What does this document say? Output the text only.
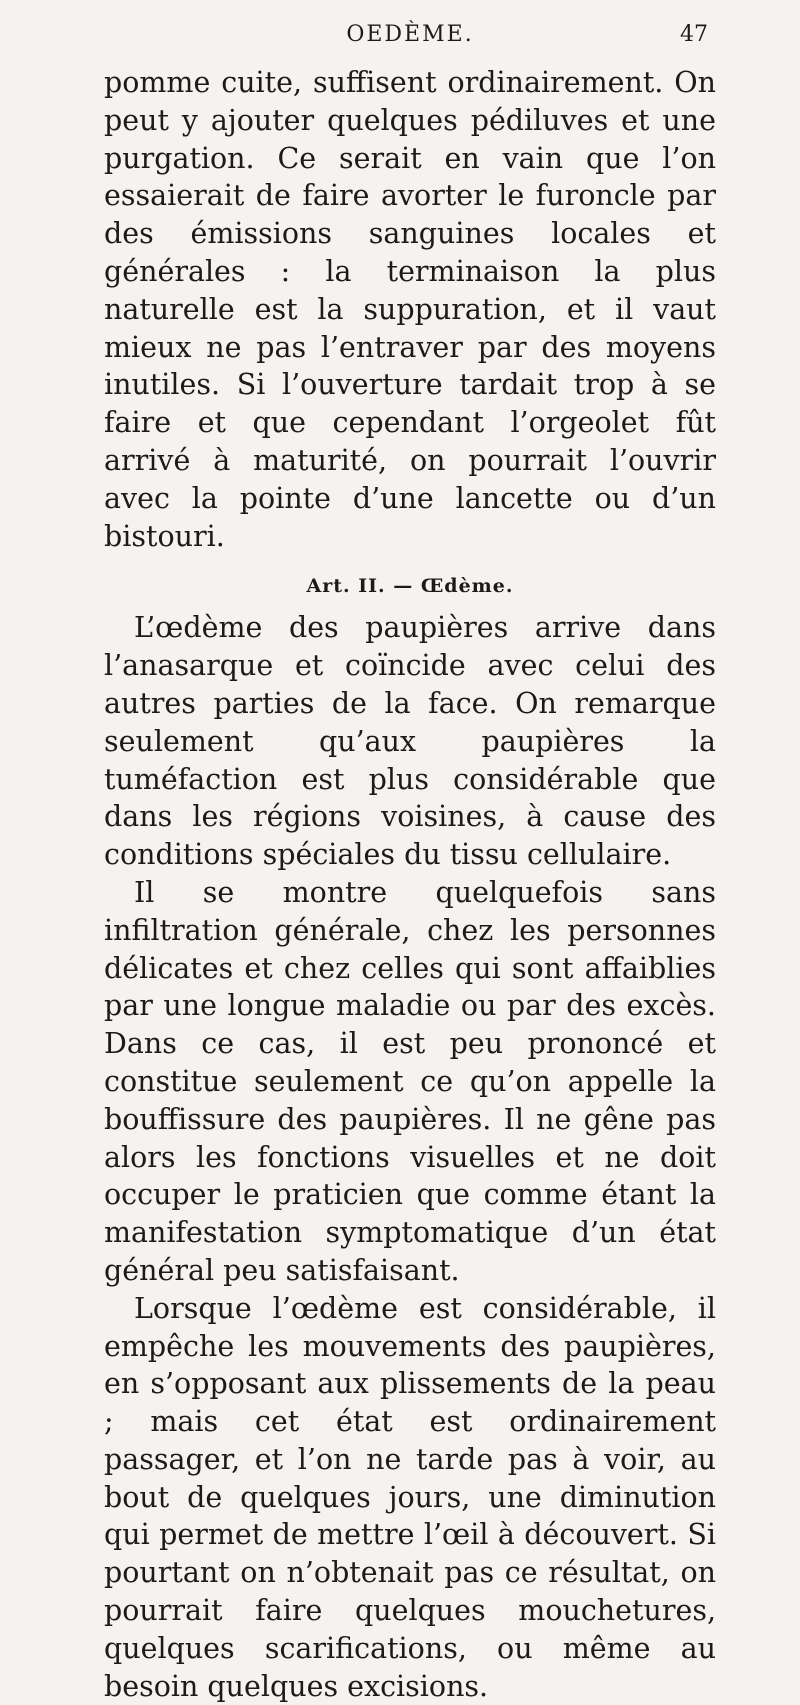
OEDÈME.	47

pomme cuite, suffisent ordinairement. On peut y ajouter quelques pédiluves et une purgation. Ce serait en vain que l’on essaierait de faire avorter le furoncle par des émissions sanguines locales et générales : la terminaison la plus naturelle est la suppuration, et il vaut mieux ne pas l’entraver par des moyens inutiles. Si l’ouverture tardait trop à se faire et que cependant l’orgeolet fût arrivé à maturité, on pourrait l’ouvrir avec la pointe d’une lancette ou d’un bistouri.

Art. II. — Œdème.

L’œdème des paupières arrive dans l’anasarque et coïncide avec celui des autres parties de la face. On remarque seulement qu’aux paupières la tuméfaction est plus considérable que dans les régions voisines, à cause des conditions spéciales du tissu cellulaire.

Il se montre quelquefois sans infiltration générale, chez les personnes délicates et chez celles qui sont affaiblies par une longue maladie ou par des excès. Dans ce cas, il est peu prononcé et constitue seulement ce qu’on appelle la bouffissure des paupières. Il ne gêne pas alors les fonctions visuelles et ne doit occuper le praticien que comme étant la manifestation symptomatique d’un état général peu satisfaisant.

Lorsque l’œdème est considérable, il empêche les mouvements des paupières, en s’opposant aux plissements de la peau ; mais cet état est ordinairement passager, et l’on ne tarde pas à voir, au bout de quelques jours, une diminution qui permet de mettre l’œil à découvert. Si pourtant on n’obtenait pas ce résultat, on pourrait faire quelques mouchetures, quelques scarifications, ou même au besoin quelques excisions.
